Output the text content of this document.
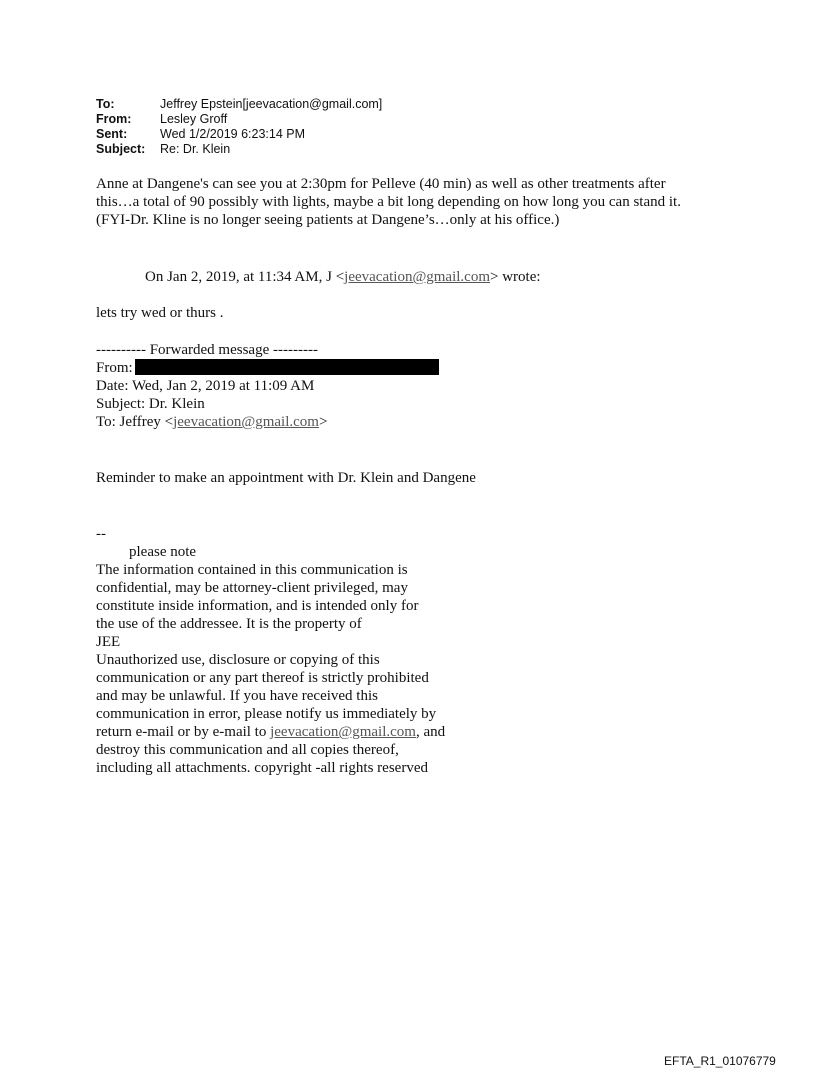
To:	Jeffrey Epstein[jeevacation@gmail.com]
From:	Lesley Groff
Sent:	Wed 1/2/2019 6:23:14 PM
Subject:	Re: Dr. Klein

Anne at Dangene's can see you at 2:30pm for Pelleve (40 min) as well as other treatments after

this…a total of 90 possibly with lights, maybe a bit long depending on how long you can stand it.

(FYI-Dr. Kline is no longer seeing patients at Dangene’s…only at his office.)

On Jan 2, 2019, at 11:34 AM, J <jeevacation@gmail.com> wrote:
lets try wed or thurs .
---------- Forwarded message ---------
From:
Date: Wed, Jan 2, 2019 at 11:09 AM
Subject: Dr. Klein
To: Jeffrey <jeevacation@gmail.com>
Reminder to make an appointment with Dr. Klein and Dangene
--
please note
The information contained in this communication is
confidential, may be attorney-client privileged, may
constitute inside information, and is intended only for
the use of the addressee. It is the property of
JEE
Unauthorized use, disclosure or copying of this
communication or any part thereof is strictly prohibited
and may be unlawful. If you have received this
communication in error, please notify us immediately by
return e-mail or by e-mail to jeevacation@gmail.com, and
destroy this communication and all copies thereof,
including all attachments. copyright -all rights reserved
EFTA_R1_01076779
